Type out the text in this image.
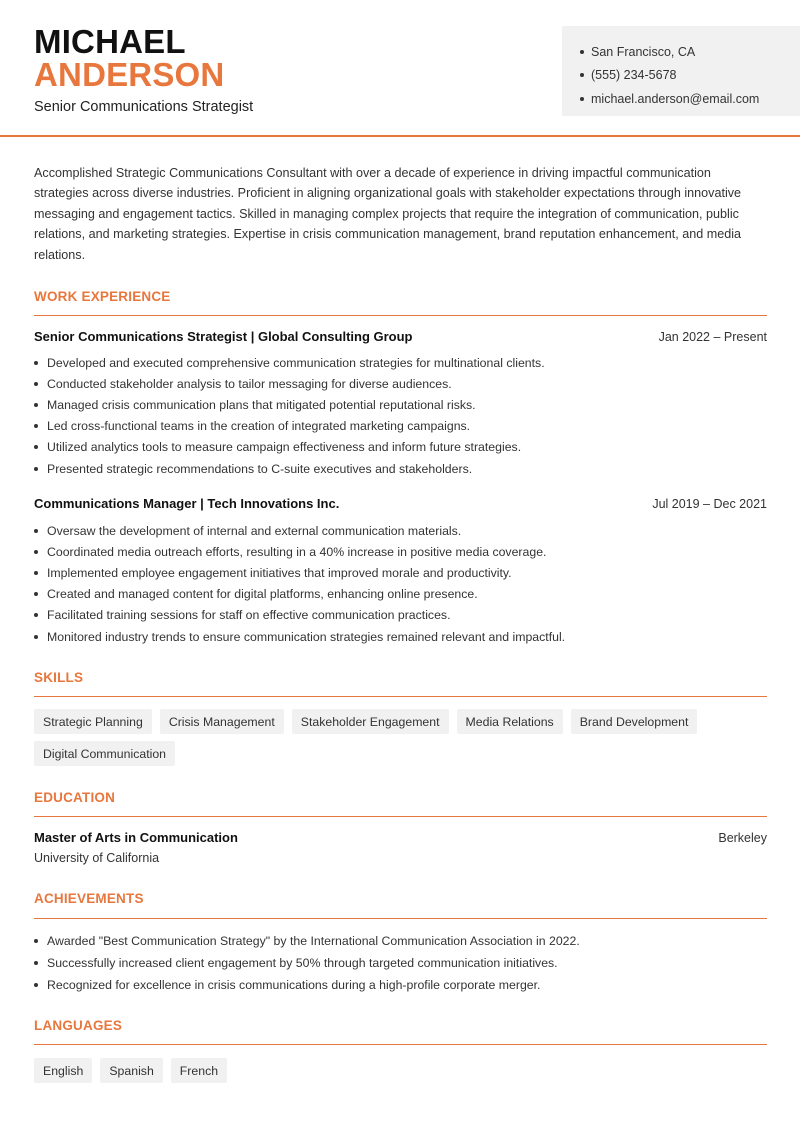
MICHAEL
ANDERSON
Senior Communications Strategist
San Francisco, CA
(555) 234-5678
michael.anderson@email.com

Accomplished Strategic Communications Consultant with over a decade of experience in driving impactful communication strategies across diverse industries. Proficient in aligning organizational goals with stakeholder expectations through innovative messaging and engagement tactics. Skilled in managing complex projects that require the integration of communication, public relations, and marketing strategies. Expertise in crisis communication management, brand reputation enhancement, and media relations.

WORK EXPERIENCE
Senior Communications Strategist | Global Consulting Group	Jan 2022 – Present
Developed and executed comprehensive communication strategies for multinational clients.
Conducted stakeholder analysis to tailor messaging for diverse audiences.
Managed crisis communication plans that mitigated potential reputational risks.
Led cross-functional teams in the creation of integrated marketing campaigns.
Utilized analytics tools to measure campaign effectiveness and inform future strategies.
Presented strategic recommendations to C-suite executives and stakeholders.
Communications Manager | Tech Innovations Inc.	Jul 2019 – Dec 2021
Oversaw the development of internal and external communication materials.
Coordinated media outreach efforts, resulting in a 40% increase in positive media coverage.
Implemented employee engagement initiatives that improved morale and productivity.
Created and managed content for digital platforms, enhancing online presence.
Facilitated training sessions for staff on effective communication practices.
Monitored industry trends to ensure communication strategies remained relevant and impactful.
SKILLS
Strategic Planning	Crisis Management	Stakeholder Engagement	Media Relations	Brand Development
Digital Communication
EDUCATION
Master of Arts in Communication	Berkeley
University of California
ACHIEVEMENTS
Awarded "Best Communication Strategy" by the International Communication Association in 2022.
Successfully increased client engagement by 50% through targeted communication initiatives.
Recognized for excellence in crisis communications during a high-profile corporate merger.
LANGUAGES
English	Spanish	French
